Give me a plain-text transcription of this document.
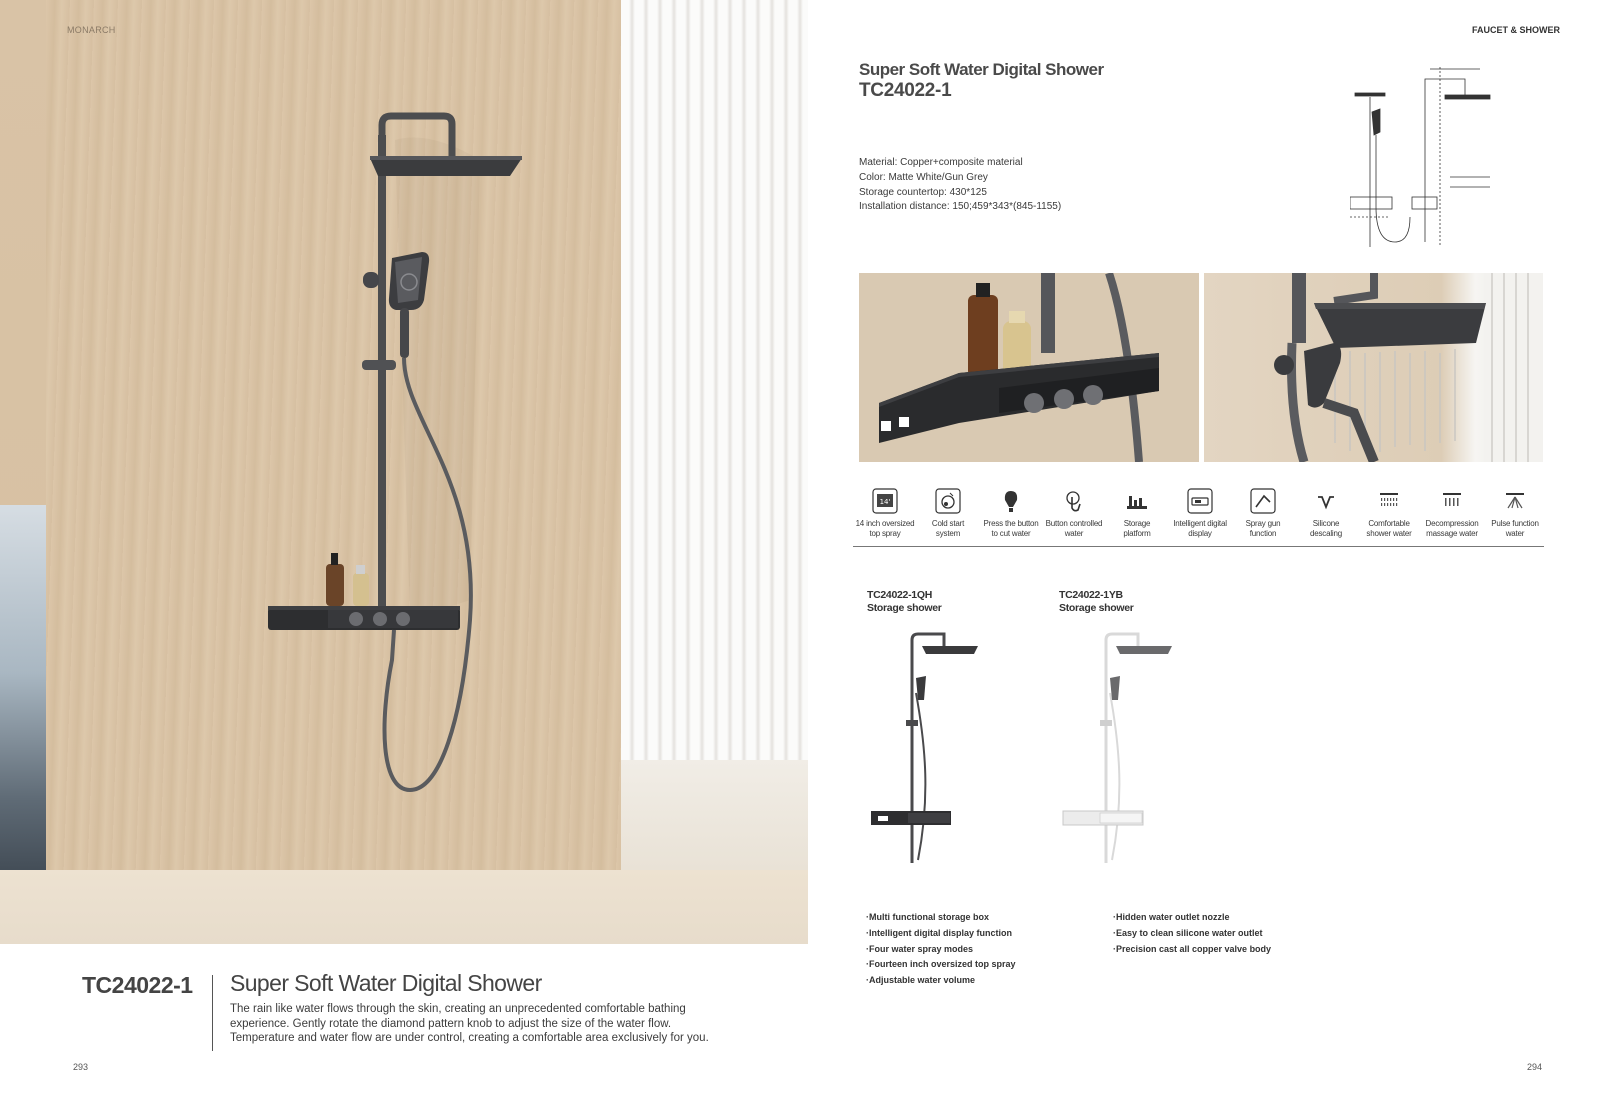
MONARCH
TC24022-1 Super Soft Water Digital Shower
The rain like water flows through the skin, creating an unprecedented comfortable bathing
experience. Gently rotate the diamond pattern knob to adjust the size of the water flow.
Temperature and water flow are under control, creating a comfortable area exclusively for you.
293
FAUCET & SHOWER
Super Soft Water Digital Shower
TC24022-1
Material: Copper+composite material
Color: Matte White/Gun Grey
Storage countertop: 430*125
Installation distance: 150;459*343*(845-1155)
14'
14 inch oversized
top spray
Cold start
system
Press the button
to cut water
Button controlled
water
Storage
platform
Intelligent digital
display
Spray gun
function
Silicone
descaling
Comfortable
shower water
Decompression
massage water
Pulse function
water
TC24022-1QH
Storage shower
TC24022-1YB
Storage shower
·Multi functional storage box
·Intelligent digital display function
·Four water spray modes
·Fourteen inch oversized top spray
·Adjustable water volume
·Hidden water outlet nozzle
·Easy to clean silicone water outlet
·Precision cast all copper valve body
294
